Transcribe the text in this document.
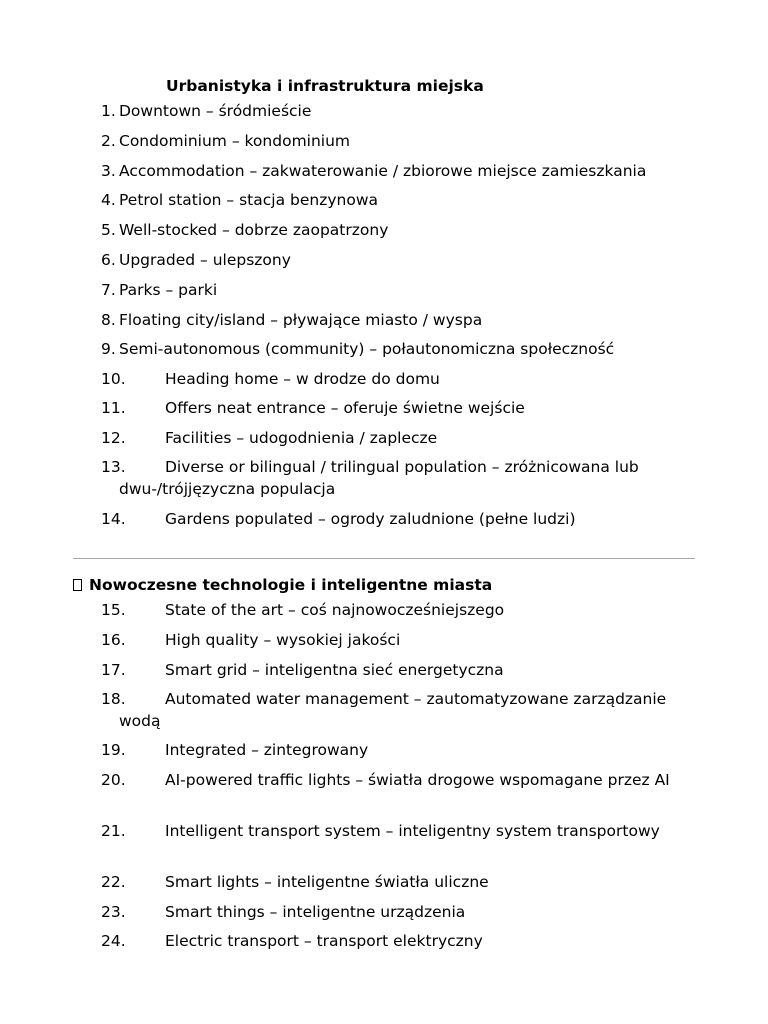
Urbanistyka i infrastruktura miejska
1. Downtown – śródmieście
2. Condominium – kondominium
3. Accommodation – zakwaterowanie / zbiorowe miejsce zamieszkania
4. Petrol station – stacja benzynowa
5. Well-stocked – dobrze zaopatrzony
6. Upgraded – ulepszony
7. Parks – parki
8. Floating city/island – pływające miasto / wyspa
9. Semi-autonomous (community) – połautonomiczna społeczność
10.	Heading home – w drodze do domu
11.	Offers neat entrance – oferuje świetne wejście
12.	Facilities – udogodnienia / zaplecze
13.	Diverse or bilingual / trilingual population – zróżnicowana lub dwu-/trójjęzyczna populacja
14.	Gardens populated – ogrody zaludnione (pełne ludzi)
Nowoczesne technologie i inteligentne miasta
15.	State of the art – coś najnowocześniejszego
16.	High quality – wysokiej jakości
17.	Smart grid – inteligentna sieć energetyczna
18.	Automated water management – zautomatyzowane zarządzanie wodą
19.	Integrated – zintegrowany
20.	AI-powered traffic lights – światła drogowe wspomagane przez AI
21.	Intelligent transport system – inteligentny system transportowy
22.	Smart lights – inteligentne światła uliczne
23.	Smart things – inteligentne urządzenia
24.	Electric transport – transport elektryczny
